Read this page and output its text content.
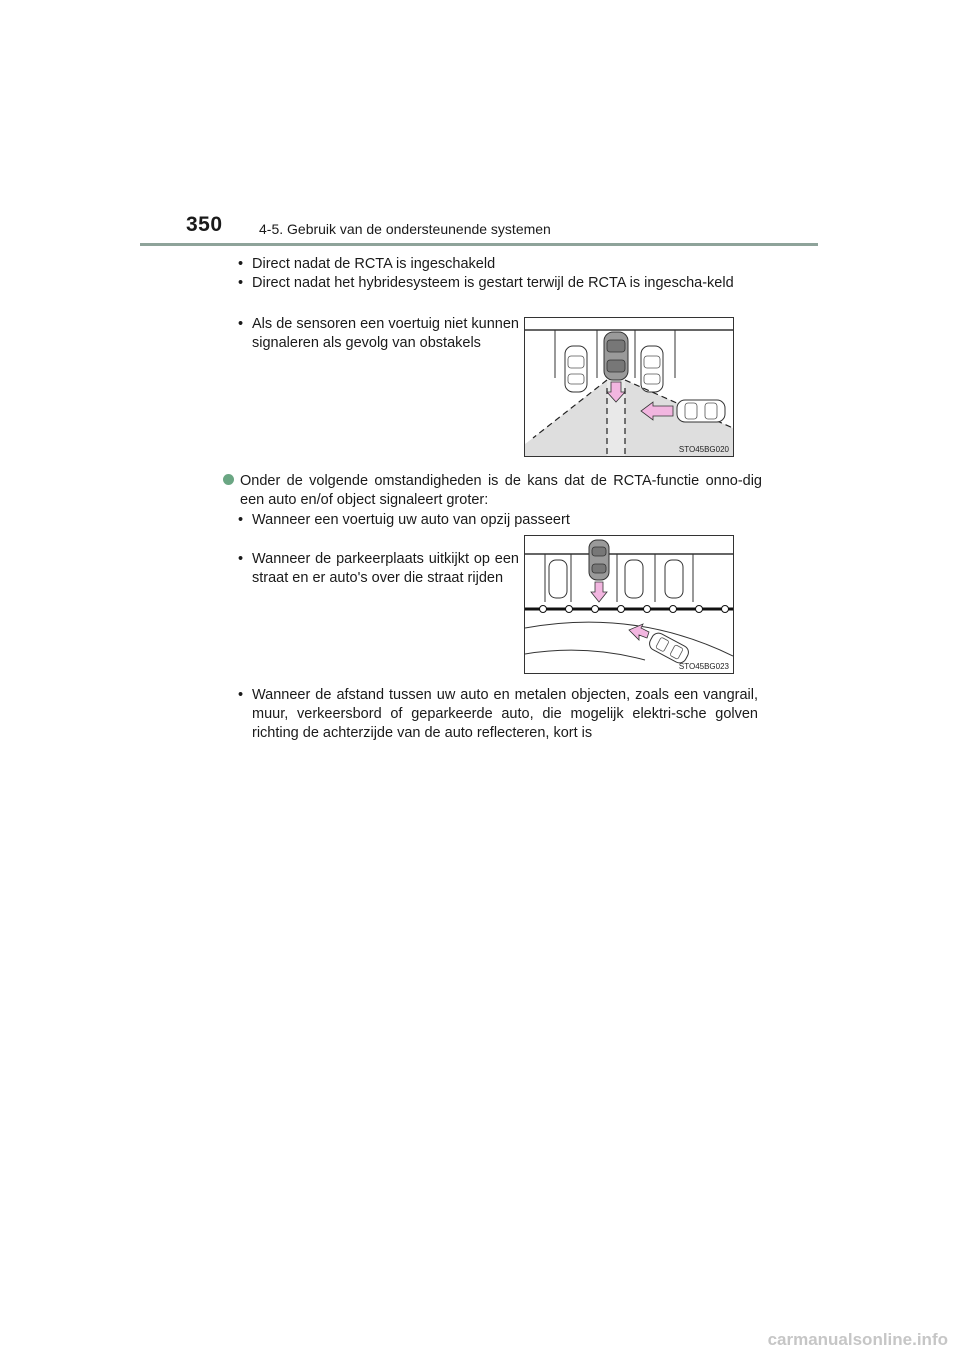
350	4-5. Gebruik van de ondersteunende systemen
• Direct nadat de RCTA is ingeschakeld
• Direct nadat het hybridesysteem is gestart terwijl de RCTA is ingescha-keld
• Als de sensoren een voertuig niet kunnen signaleren als gevolg van obstakels
STO45BG020
Onder de volgende omstandigheden is de kans dat de RCTA-functie onno-dig een auto en/of object signaleert groter:
• Wanneer een voertuig uw auto van opzij passeert
• Wanneer de parkeerplaats uitkijkt op een straat en er auto's over die straat rijden
STO45BG023
• Wanneer de afstand tussen uw auto en metalen objecten, zoals een vangrail, muur, verkeersbord of geparkeerde auto, die mogelijk elektri-sche golven richting de achterzijde van de auto reflecteren, kort is
carmanualsonline.info
